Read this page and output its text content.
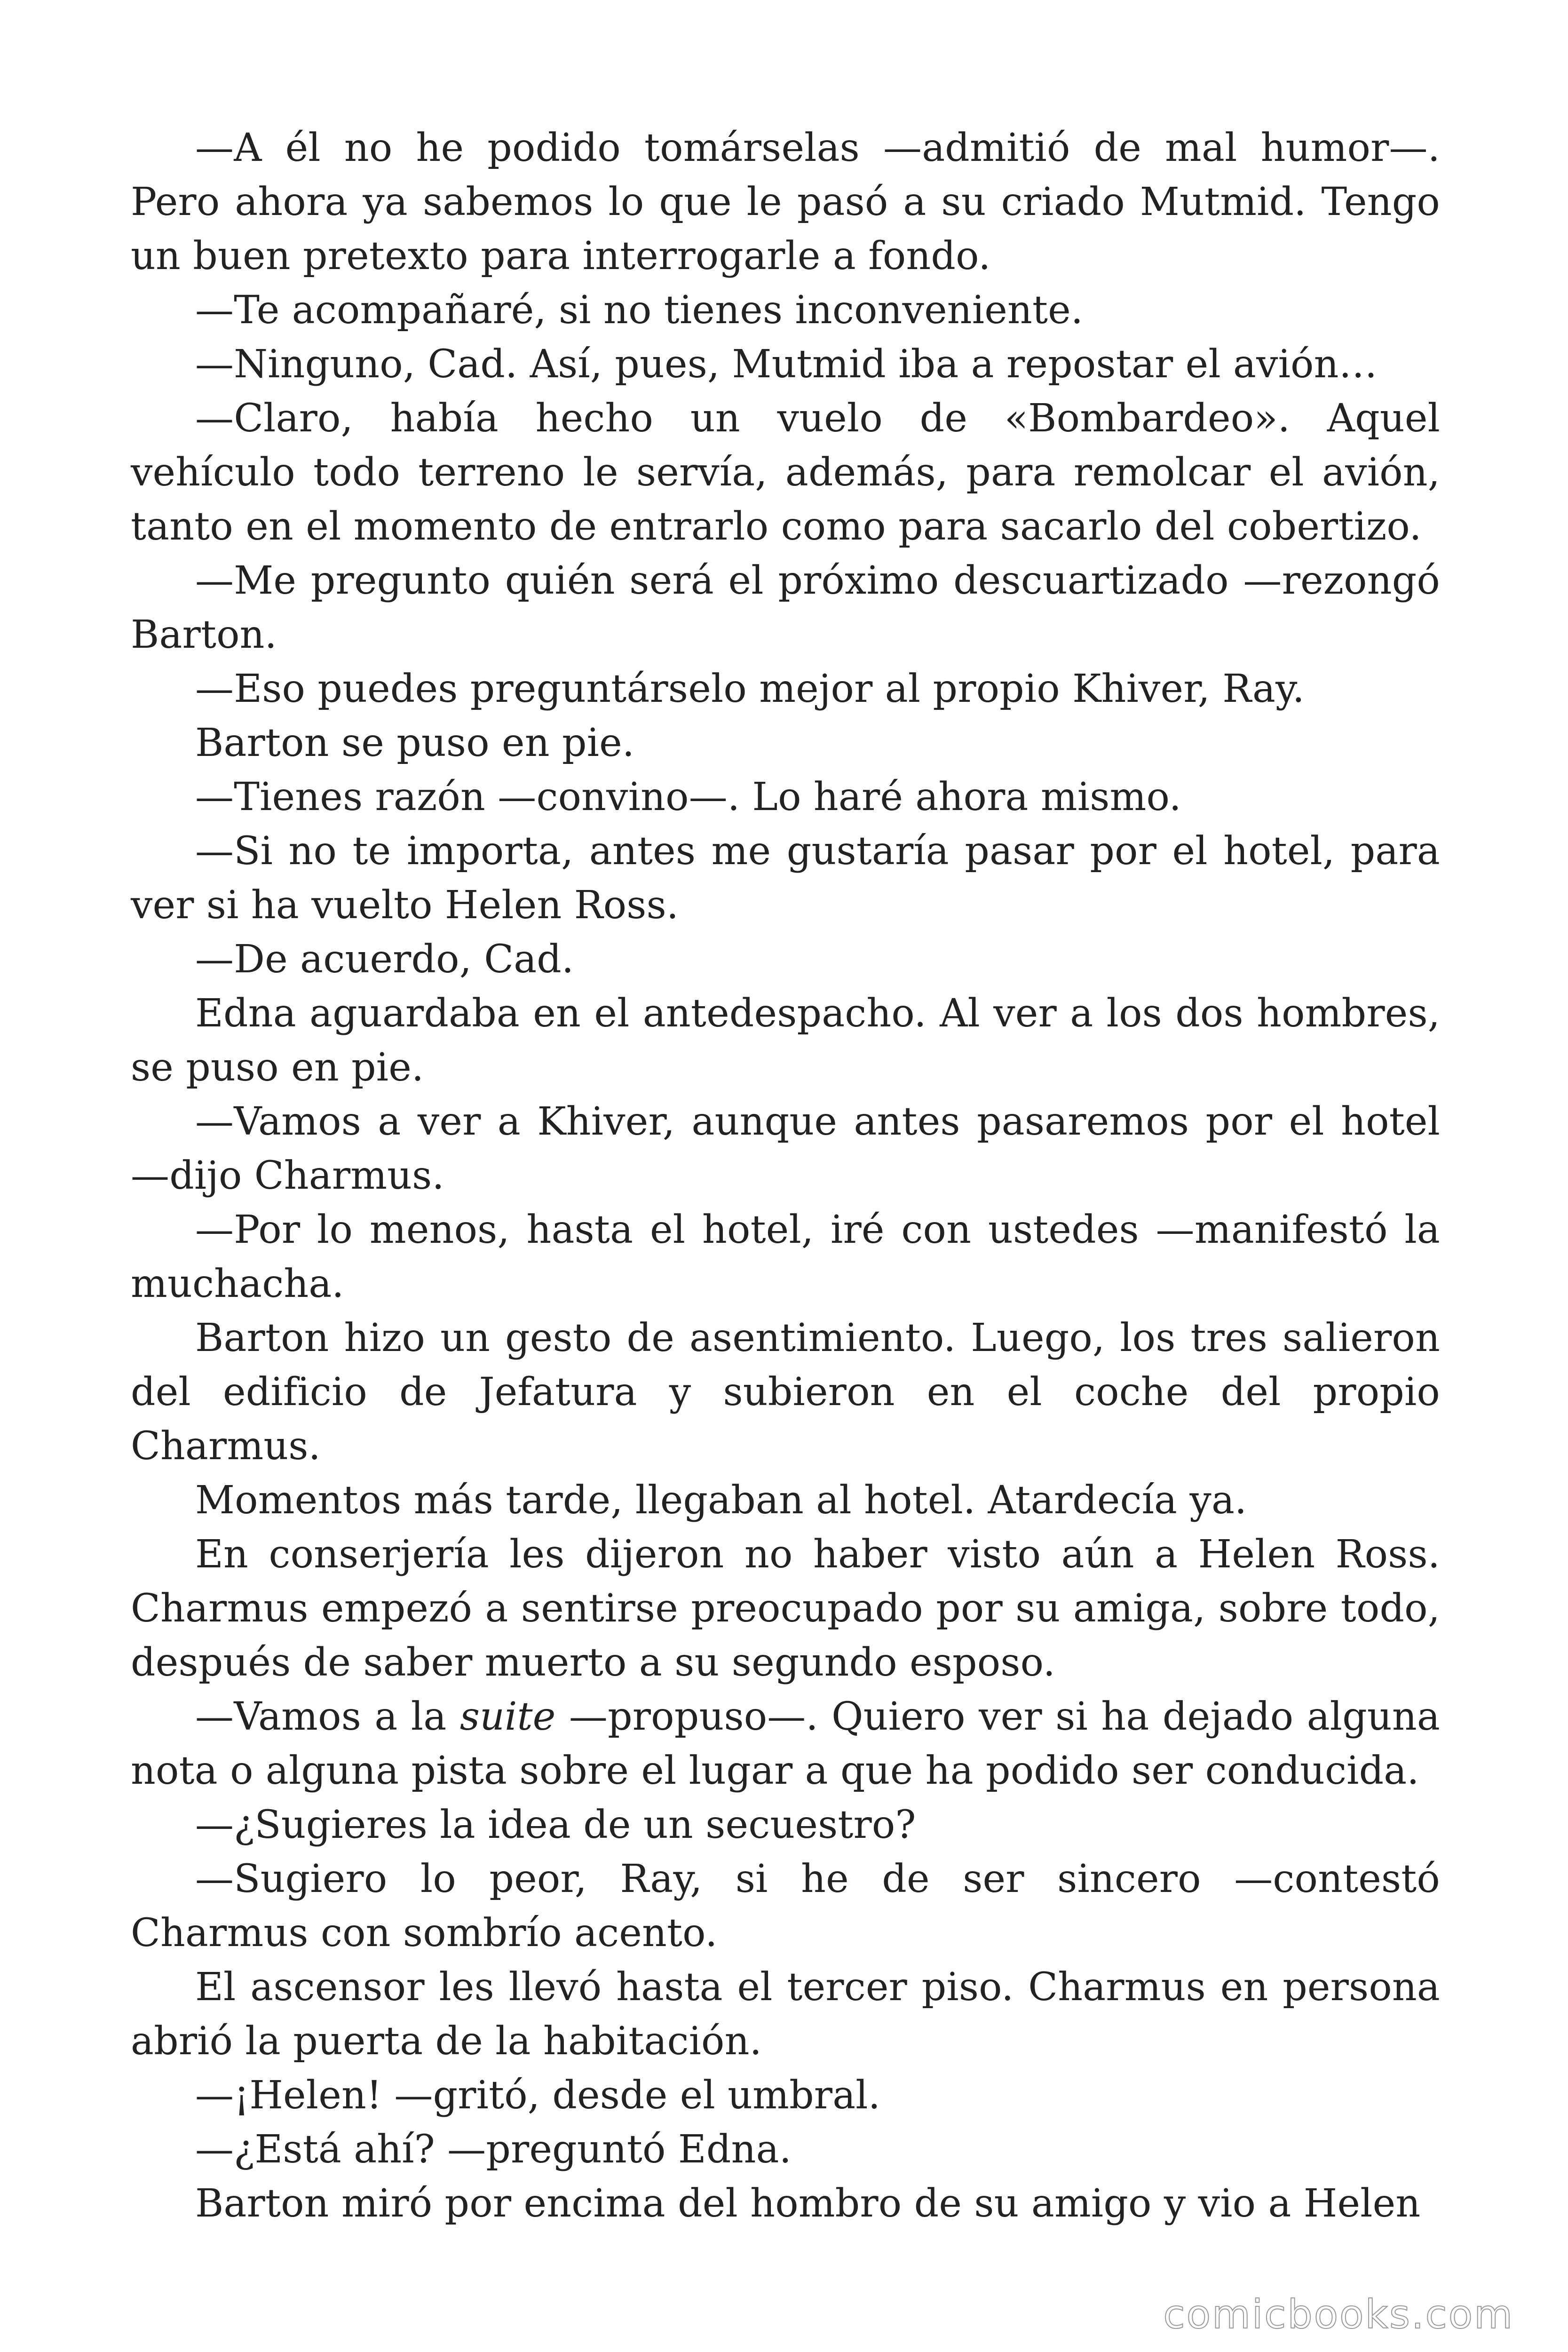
—A él no he podido tomárselas —admitió de mal humor—. Pero ahora ya sabemos lo que le pasó a su criado Mutmid. Tengo un buen pretexto para interrogarle a fondo.

—Te acompañaré, si no tienes inconveniente.

—Ninguno, Cad. Así, pues, Mutmid iba a repostar el avión…

—Claro, había hecho un vuelo de «Bombardeo». Aquel vehículo todo terreno le servía, además, para remolcar el avión, tanto en el momento de entrarlo como para sacarlo del cobertizo.

—Me pregunto quién será el próximo descuartizado —rezongó Barton.

—Eso puedes preguntárselo mejor al propio Khiver, Ray.

Barton se puso en pie.

—Tienes razón —convino—. Lo haré ahora mismo.

—Si no te importa, antes me gustaría pasar por el hotel, para ver si ha vuelto Helen Ross.

—De acuerdo, Cad.

Edna aguardaba en el antedespacho. Al ver a los dos hombres, se puso en pie.

—Vamos a ver a Khiver, aunque antes pasaremos por el hotel —dijo Charmus.

—Por lo menos, hasta el hotel, iré con ustedes —manifestó la muchacha.

Barton hizo un gesto de asentimiento. Luego, los tres salieron del edificio de Jefatura y subieron en el coche del propio Charmus.

Momentos más tarde, llegaban al hotel. Atardecía ya.

En conserjería les dijeron no haber visto aún a Helen Ross. Charmus empezó a sentirse preocupado por su amiga, sobre todo, después de saber muerto a su segundo esposo.

—Vamos a la suite —propuso—. Quiero ver si ha dejado alguna nota o alguna pista sobre el lugar a que ha podido ser conducida.

—¿Sugieres la idea de un secuestro?

—Sugiero lo peor, Ray, si he de ser sincero —contestó Charmus con sombrío acento.

El ascensor les llevó hasta el tercer piso. Charmus en persona abrió la puerta de la habitación.

—¡Helen! —gritó, desde el umbral.

—¿Está ahí? —preguntó Edna.

Barton miró por encima del hombro de su amigo y vio a Helen

comicbooks.com
